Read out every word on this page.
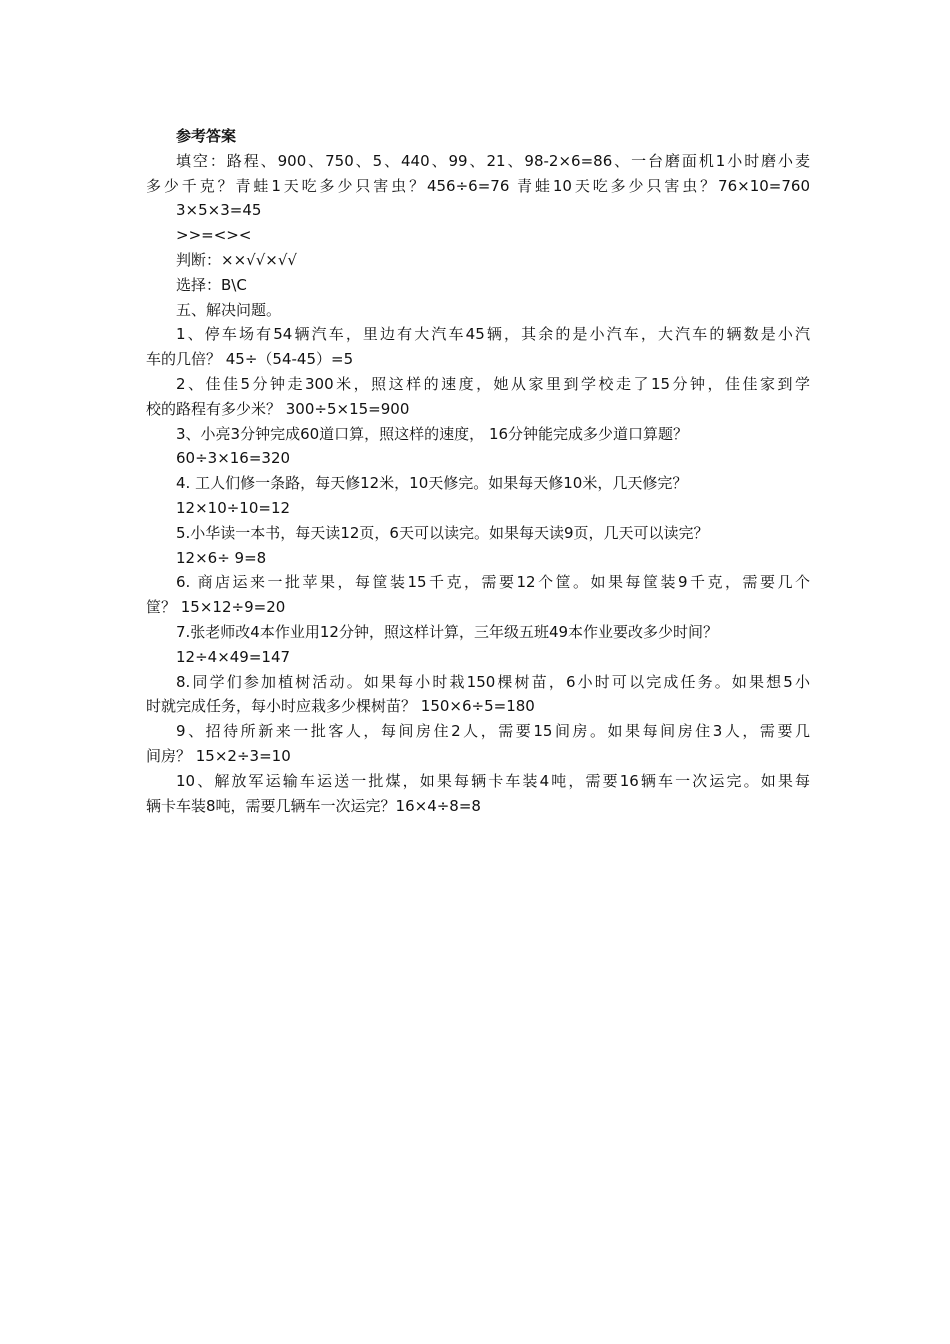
参考答案
填空：路程、900、750、5、440、99、21、98-2×6=86、一台磨面机1小时磨小麦
多少千克？青蛙1天吃多少只害虫？456÷6=76 青蛙10天吃多少只害虫？76×10=760
3×5×3=45
>>=<><
判断：××√√×√√
选择：B\C
五、解决问题。
1、停车场有54辆汽车，里边有大汽车45辆，其余的是小汽车，大汽车的辆数是小汽
车的几倍？ 45÷（54-45）=5
2、佳佳5分钟走300米，照这样的速度，她从家里到学校走了15分钟，佳佳家到学
校的路程有多少米？ 300÷5×15=900
3、小亮3分钟完成60道口算，照这样的速度， 16分钟能完成多少道口算题？
60÷3×16=320
4. 工人们修一条路，每天修12米，10天修完。如果每天修10米，几天修完？
12×10÷10=12
5.小华读一本书，每天读12页，6天可以读完。如果每天读9页，几天可以读完？
12×6÷ 9=8
6. 商店运来一批苹果，每筐装15千克，需要12个筐。如果每筐装9千克，需要几个
筐？ 15×12÷9=20
7.张老师改4本作业用12分钟，照这样计算，三年级五班49本作业要改多少时间？
12÷4×49=147
8.同学们参加植树活动。如果每小时栽150棵树苗，6小时可以完成任务。如果想5小
时就完成任务，每小时应栽多少棵树苗？ 150×6÷5=180
9、招待所新来一批客人，每间房住2人，需要15间房。如果每间房住3人，需要几
间房？ 15×2÷3=10
10、解放军运输车运送一批煤，如果每辆卡车装4吨，需要16辆车一次运完。如果每
辆卡车装8吨，需要几辆车一次运完？16×4÷8=8
